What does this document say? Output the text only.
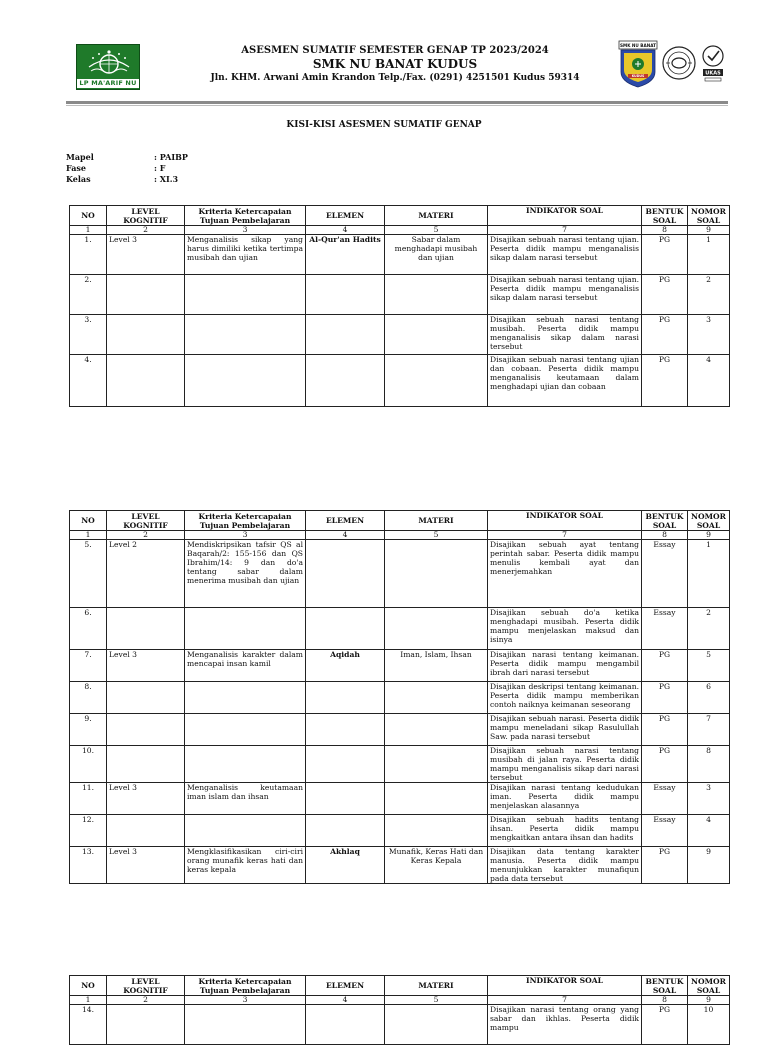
LP MA'ARIF NU
ASESMEN SUMATIF SEMESTER GENAP TP 2023/2024
SMK NU BANAT KUDUS
Jln. KHM. Arwani Amin Krandon Telp./Fax. (0291) 4251501 Kudus 59314
SMK NU BANAT
KUDUS	UKAS
KISI-KISI ASESMEN SUMATIF GENAP
Mapel	: PAIBP
Fase	: F
Kelas	: XI.3
NO	LEVEL KOGNITIF	Kriteria Ketercapaian Tujuan Pembelajaran	ELEMEN	MATERI	INDIKATOR SOAL	BENTUK SOAL	NOMOR SOAL
1	2	3	4	5	7	8	9
1.	Level 3	Menganalisis sikap yang harus dimiliki ketika tertimpa musibah dan ujian	Al-Qur'an Hadits	Sabar dalam menghadapi musibah dan ujian	Disajikan sebuah narasi tentang ujian. Peserta didik mampu menganalisis sikap dalam narasi tersebut	PG	1
2.					Disajikan sebuah narasi tentang ujian. Peserta didik mampu menganalisis sikap dalam narasi tersebut	PG	2
3.					Disajikan sebuah narasi tentang musibah. Peserta didik mampu menganalisis sikap dalam narasi tersebut	PG	3
4.					Disajikan sebuah narasi tentang ujian dan cobaan. Peserta didik mampu menganalisis keutamaan dalam menghadapi ujian dan cobaan	PG	4
NO	LEVEL KOGNITIF	Kriteria Ketercapaian Tujuan Pembelajaran	ELEMEN	MATERI	INDIKATOR SOAL	BENTUK SOAL	NOMOR SOAL
1	2	3	4	5	7	8	9
5.	Level 2	Mendiskripsikan tafsir QS al Baqarah/2: 155-156 dan QS Ibrahim/14: 9 dan do'a tentang sabar dalam menerima musibah dan ujian			Disajikan sebuah ayat tentang perintah sabar. Peserta didik mampu menulis kembali ayat dan menerjemahkan	Essay	1
6.					Disajikan sebuah do'a ketika menghadapi musibah. Peserta didik mampu menjelaskan maksud dan isinya	Essay	2
7.	Level 3	Menganalisis karakter dalam mencapai insan kamil	Aqidah	Iman, Islam, Ihsan	Disajikan narasi tentang keimanan. Peserta didik mampu mengambil ibrah dari narasi tersebut	PG	5
8.					Disajikan deskripsi tentang keimanan. Peserta didik mampu memberikan contoh naiknya keimanan seseorang	PG	6
9.					Disajikan sebuah narasi. Peserta didik mampu meneladani sikap Rasulullah Saw. pada narasi tersebut	PG	7
10.					Disajikan sebuah narasi tentang musibah di jalan raya. Peserta didik mampu menganalisis sikap dari narasi tersebut	PG	8
11.	Level 3	Menganalisis keutamaan iman islam dan ihsan			Disajikan narasi tentang kedudukan iman. Peserta didik mampu menjelaskan alasannya	Essay	3
12.					Disajikan sebuah hadits tentang ihsan. Peserta didik mampu mengkaitkan antara ihsan dan hadits	Essay	4
13.	Level 3	Mengklasifikasikan ciri-ciri orang munafik keras hati dan keras kepala	Akhlaq	Munafik, Keras Hati dan Keras Kepala	Disajikan data tentang karakter manusia. Peserta didik mampu menunjukkan karakter munafiqun pada data tersebut	PG	9
NO	LEVEL KOGNITIF	Kriteria Ketercapaian Tujuan Pembelajaran	ELEMEN	MATERI	INDIKATOR SOAL	BENTUK SOAL	NOMOR SOAL
1	2	3	4	5	7	8	9
14.					Disajikan narasi tentang orang yang sabar dan ikhlas. Peserta didik mampu	PG	10
